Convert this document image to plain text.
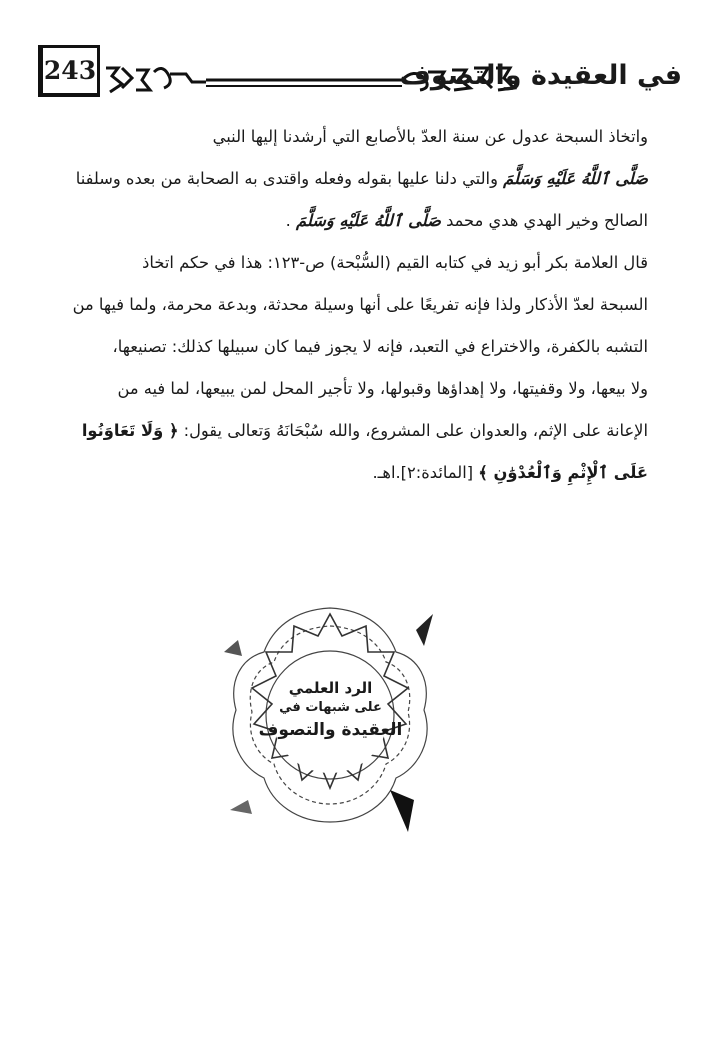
243	في العقيدة والتصوف
واتخاذ السبحة عدول عن سنة العدّ بالأصابع التي أرشدنا إليها النبي
صَلَّى ٱللَّهُ عَلَيْهِ وَسَلَّمَ والتي دلنا عليها بقوله وفعله واقتدى به الصحابة من بعده وسلفنا
الصالح وخير الهدي هدي محمد صَلَّى ٱللَّهُ عَلَيْهِ وَسَلَّمَ .
قال العلامة بكر أبو زيد في كتابه القيم (السُّبْحة) ص-١٢٣: هذا في حكم اتخاذ
السبحة لعدّ الأذكار ولذا فإنه تفريعًا على أنها وسيلة محدثة، وبدعة محرمة، ولما فيها من
التشبه بالكفرة، والاختراع في التعبد، فإنه لا يجوز فيما كان سبيلها كذلك: تصنيعها،
ولا بيعها، ولا وقفيتها، ولا إهداؤها وقبولها، ولا تأجير المحل لمن يبيعها، لما فيه من
الإعانة على الإثم، والعدوان على المشروع، والله سُبْحَانَهُ وَتعالى يقول: ﴿ وَلَا تَعَاوَنُوا
عَلَى ٱلْإِثْمِ وَٱلْعُدْوَٰنِ ﴾ [المائدة:٢].اهـ.
الرد العلمي
على شبهات في
العقيدة والتصوف
